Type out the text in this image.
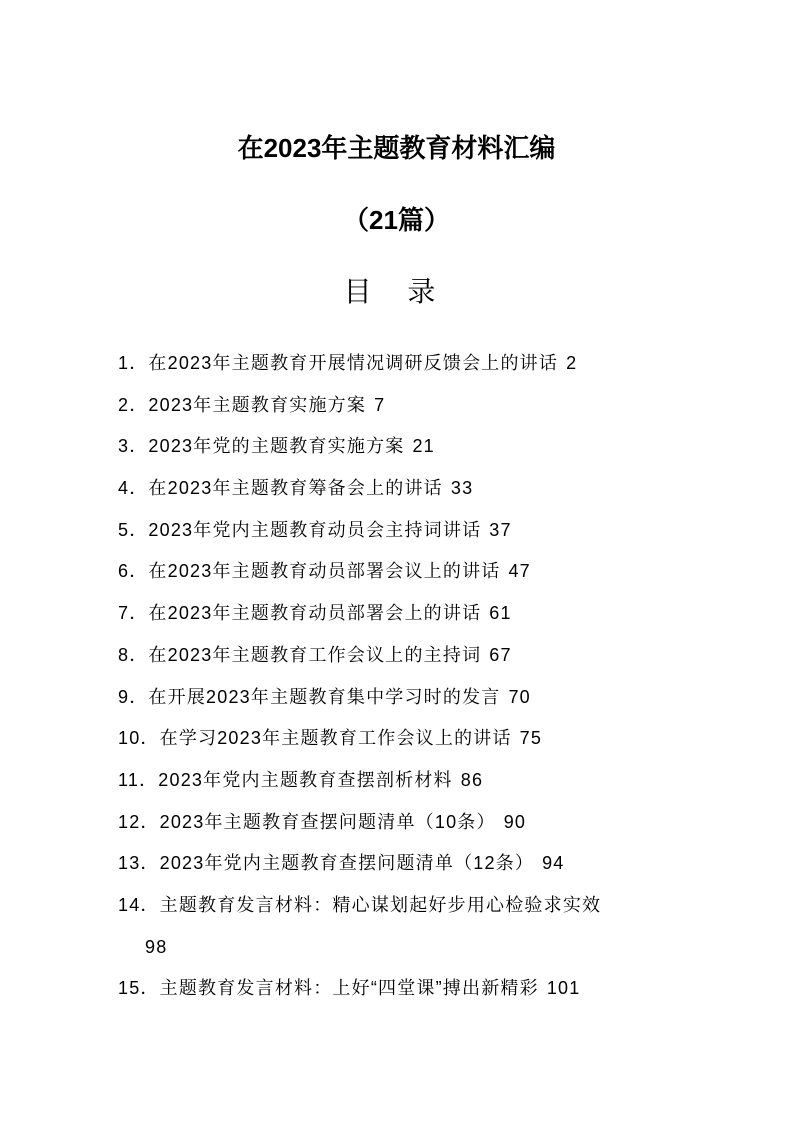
在2023年主题教育材料汇编
（21篇）
目 录
1．在2023年主题教育开展情况调研反馈会上的讲话 2
2．2023年主题教育实施方案 7
3．2023年党的主题教育实施方案 21
4．在2023年主题教育筹备会上的讲话 33
5．2023年党内主题教育动员会主持词讲话 37
6．在2023年主题教育动员部署会议上的讲话 47
7．在2023年主题教育动员部署会上的讲话 61
8．在2023年主题教育工作会议上的主持词 67
9．在开展2023年主题教育集中学习时的发言 70
10．在学习2023年主题教育工作会议上的讲话 75
11．2023年党内主题教育查摆剖析材料 86
12．2023年主题教育查摆问题清单（10条） 90
13．2023年党内主题教育查摆问题清单（12条） 94
14．主题教育发言材料：精心谋划起好步用心检验求实效
98
15．主题教育发言材料：上好“四堂课”搏出新精彩 101
